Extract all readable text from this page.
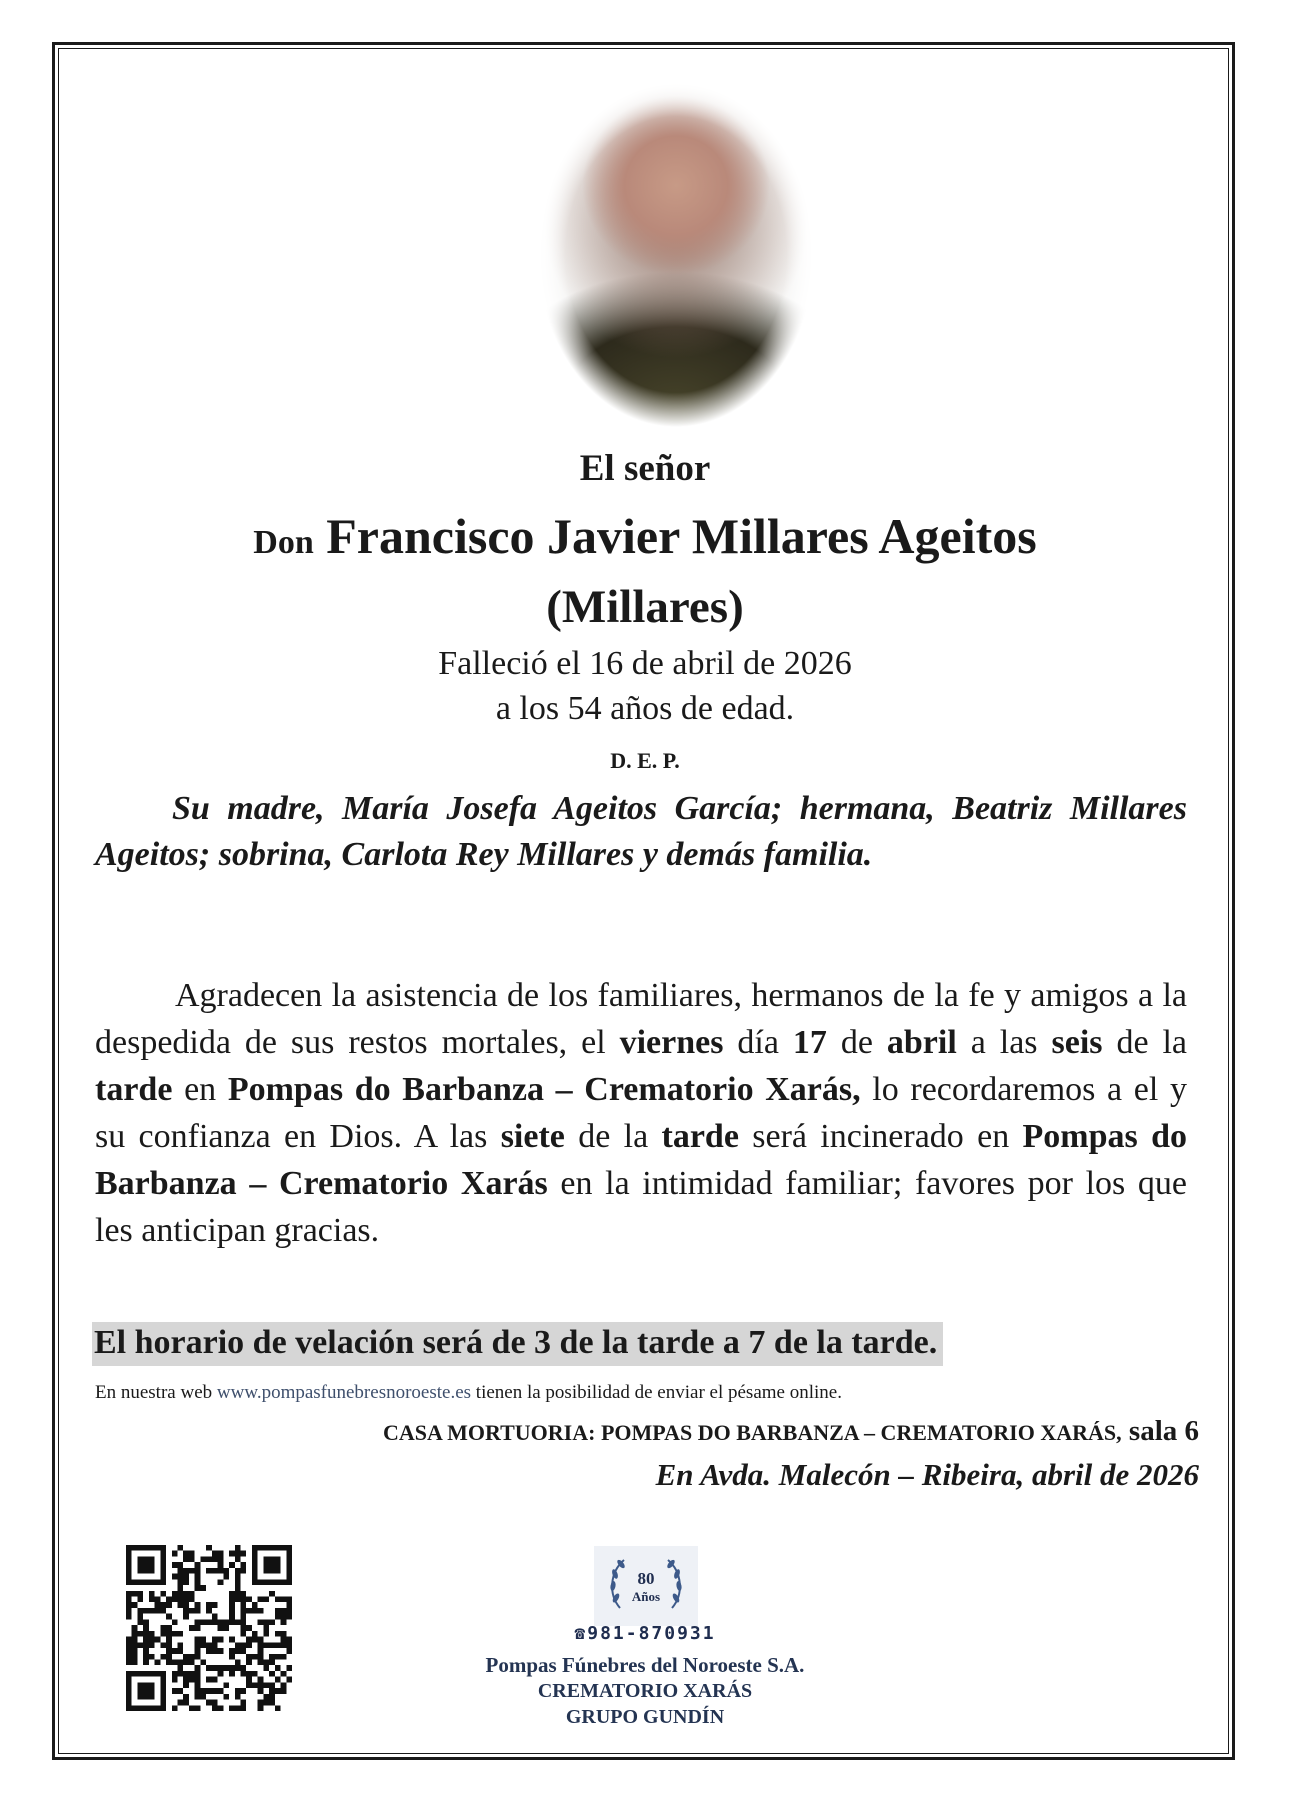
El señor
Don Francisco Javier Millares Ageitos
(Millares)
Falleció el 16 de abril de 2026
a los 54 años de edad.
D. E. P.
Su madre, María Josefa Ageitos García; hermana, Beatriz Millares Ageitos; sobrina, Carlota Rey Millares y demás familia.
Agradecen la asistencia de los familiares, hermanos de la fe y amigos a la despedida de sus restos mortales, el viernes día 17 de abril a las seis de la tarde en Pompas do Barbanza – Crematorio Xarás, lo recordaremos a el y su confianza en Dios. A las siete de la tarde será incinerado en Pompas do Barbanza – Crematorio Xarás en la intimidad familiar; favores por los que les anticipan gracias.
El horario de velación será de 3 de la tarde a 7 de la tarde.
En nuestra web www.pompasfunebresnoroeste.es tienen la posibilidad de enviar el pésame online.
CASA MORTUORIA: POMPAS DO BARBANZA – CREMATORIO XARÁS, sala 6
En Avda. Malecón – Ribeira, abril de 2026
80
Años
☎981-870931
Pompas Fúnebres del Noroeste S.A.
CREMATORIO XARÁS
GRUPO GUNDÍN
